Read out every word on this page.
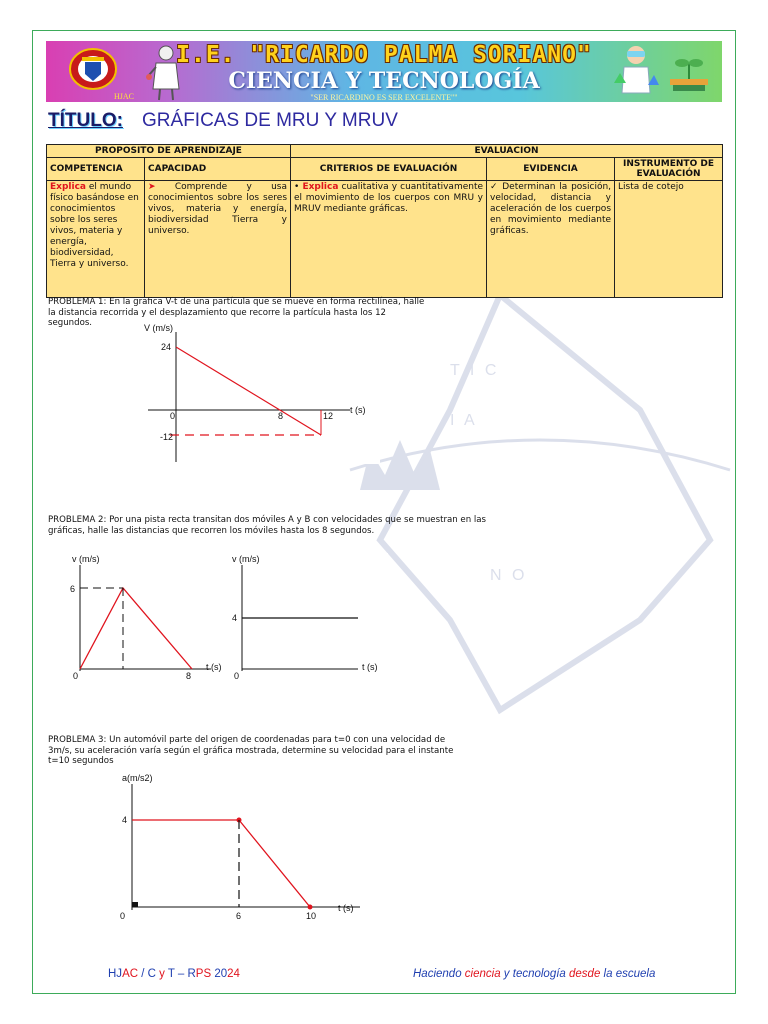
T I C
I A
N O
I.E. "RICARDO PALMA SORIANO"
CIENCIA Y TECNOLOGÍA
HJAC	"SER RICARDINO ES SER EXCELENTE""
TÍTULO: GRÁFICAS DE MRU Y MRUV
PROPOSITO DE APRENDIZAJE		EVALUACION		
COMPETENCIA	CAPACIDAD	CRITERIOS DE EVALUACIÓN	EVIDENCIA	INSTRUMENTO DE EVALUACIÓN
Explica el mundo físico basándose en conocimientos sobre los seres vivos, materia y energía, biodiversidad, Tierra y universo.	➤ Comprende y usa conocimientos sobre los seres vivos, materia y energía, biodiversidad Tierra y universo.	• Explica cualitativa y cuantitativamente el movimiento de los cuerpos con MRU y MRUV mediante gráficas.	✓ Determinan la posición, velocidad, distancia y aceleración de los cuerpos en movimiento mediante gráficas.	Lista de cotejo
PROBLEMA 1: En la grafica V-t de una partícula que se mueve en forma rectilínea, halle la distancia recorrida y el desplazamiento que recorre la partícula hasta los 12 segundos.	V (m/s)
t (s)
24
-12
0	8	12
PROBLEMA 2: Por una pista recta transitan dos móviles A y B con velocidades que se muestran en las gráficas, halle las distancias que recorren los móviles hasta los 8 segundos.
v (m/s)
t (s)
6
0	8
v (m/s)
t (s)
4
0
PROBLEMA 3: Un automóvil parte del origen de coordenadas para t=0 con una velocidad de 3m/s, su aceleración varía según el gráfica mostrada, determine su velocidad para el instante t=10 segundos
a(m/s2)
t (s)
4
0	6	10
HJAC / C y T – RPS 2024	Haciendo ciencia y tecnología desde la escuela
